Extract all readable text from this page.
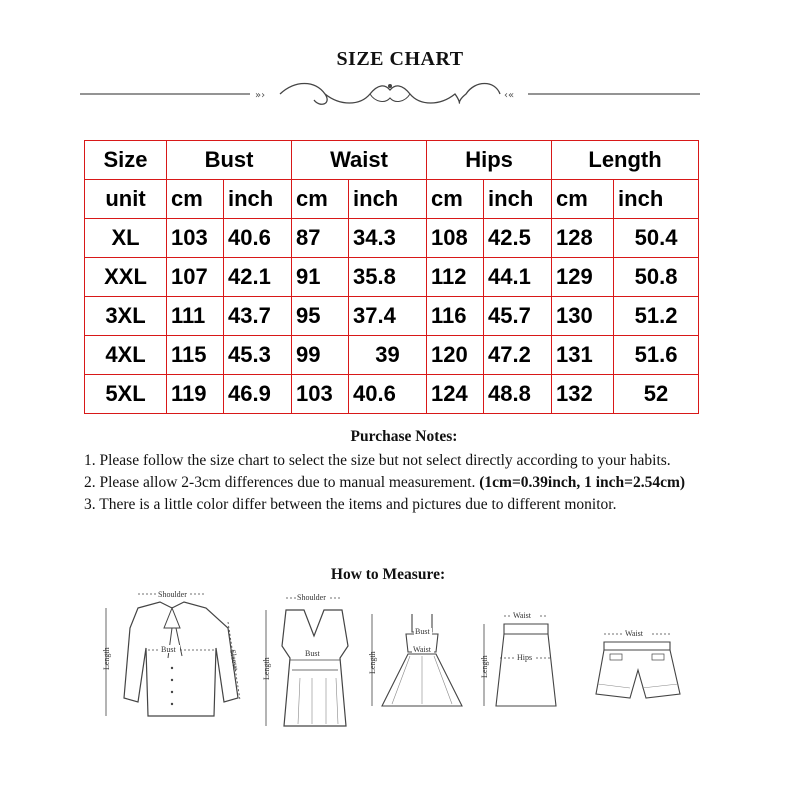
SIZE CHART
»›	‹«
Size	Bust		Waist		Hips		Length	
unit	cm	inch	cm	inch	cm	inch	cm	inch
XL	103	40.6	87	34.3	108	42.5	128	50.4
XXL	107	42.1	91	35.8	112	44.1	129	50.8
3XL	111	43.7	95	37.4	116	45.7	130	51.2
4XL	115	45.3	99	39	120	47.2	131	51.6
5XL	119	46.9	103	40.6	124	48.8	132	52
Purchase Notes:

1. Please follow the size chart to select the size but not select directly according to your habits.

2. Please allow 2-3cm differences due to manual measurement. (1cm=0.39inch, 1 inch=2.54cm)

3. There is a little color differ between the items and pictures due to different monitor.

How to Measure:
Shoulder
Bust
Length	Sleeve
Shoulder
Bust
Length
Bust
Waist
Length
Waist
Hips
Length
Waist
